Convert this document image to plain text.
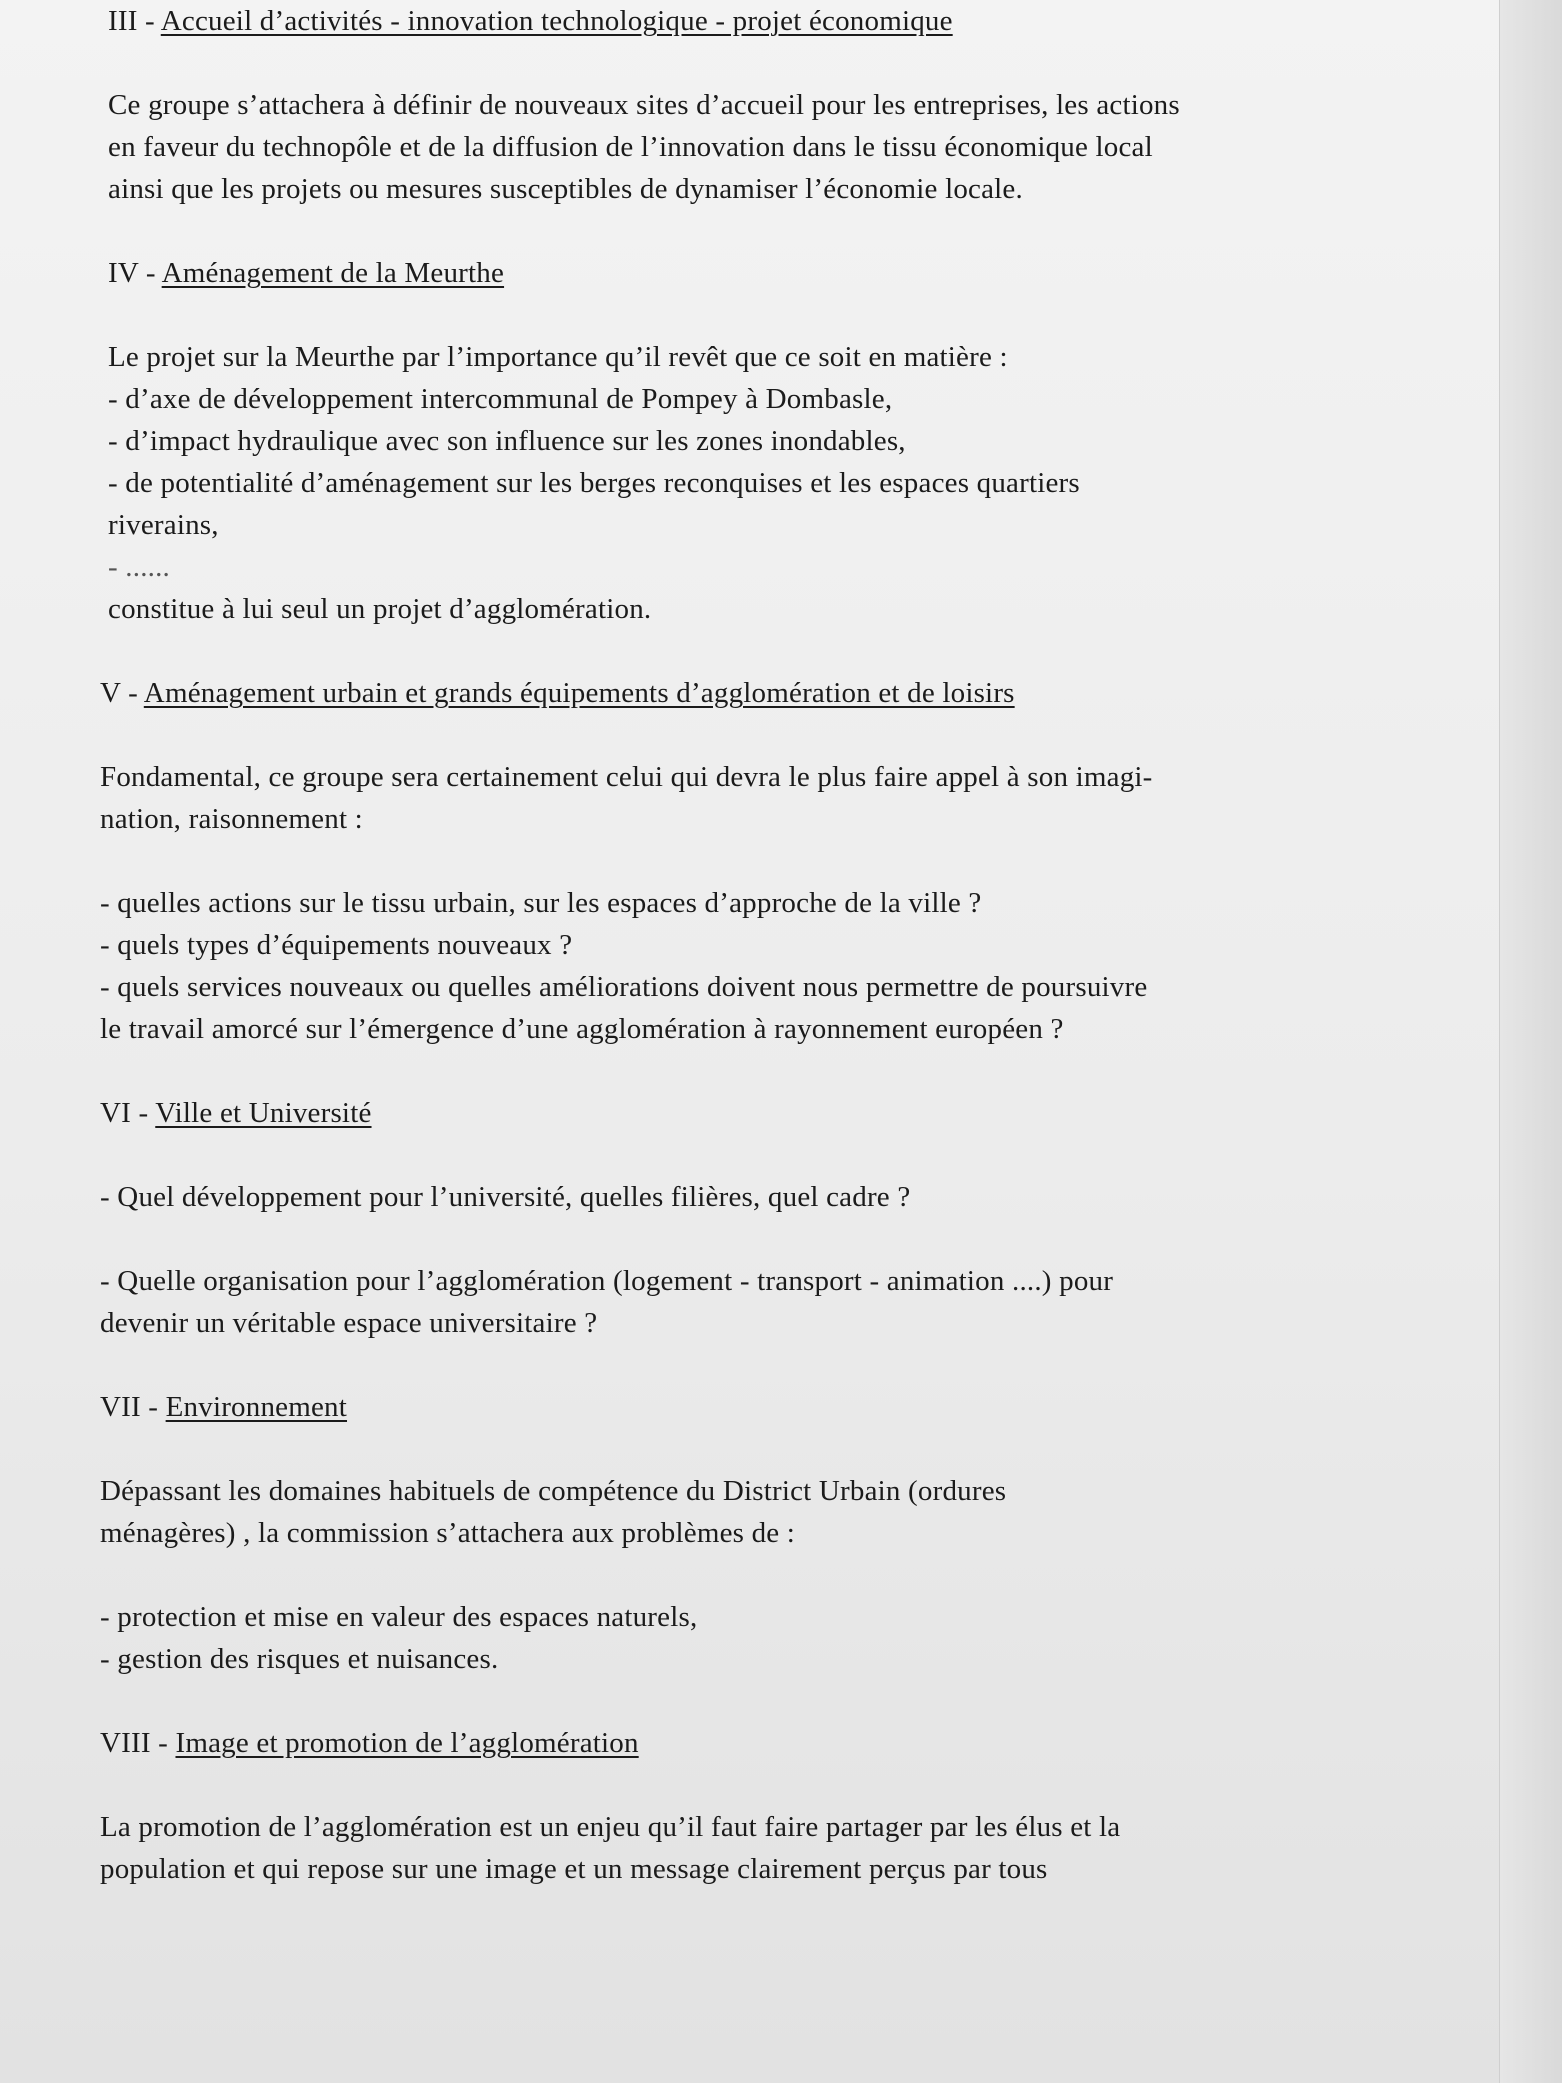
III - Accueil d’activités - innovation technologique - projet économique

Ce groupe s’attachera à définir de nouveaux sites d’accueil pour les entreprises, les actions

en faveur du technopôle et de la diffusion de l’innovation dans le tissu économique local

ainsi que les projets ou mesures susceptibles de dynamiser l’économie locale.

IV - Aménagement de la Meurthe

Le projet sur la Meurthe par l’importance qu’il revêt que ce soit en matière :

- d’axe de développement intercommunal de Pompey à Dombasle,

- d’impact hydraulique avec son influence sur les zones inondables,

- de potentialité d’aménagement sur les berges reconquises et les espaces quartiers

riverains,

- ......

constitue à lui seul un projet d’agglomération.

V - Aménagement urbain et grands équipements d’agglomération et de loisirs

Fondamental, ce groupe sera certainement celui qui devra le plus faire appel à son imagi-

nation, raisonnement :

- quelles actions sur le tissu urbain, sur les espaces d’approche de la ville ?

- quels types d’équipements nouveaux ?

- quels services nouveaux ou quelles améliorations doivent nous permettre de poursuivre

le travail amorcé sur l’émergence d’une agglomération à rayonnement européen ?

VI - Ville et Université

- Quel développement pour l’université, quelles filières, quel cadre ?

- Quelle organisation pour l’agglomération (logement - transport - animation ....) pour

devenir un véritable espace universitaire ?

VII - Environnement

Dépassant les domaines habituels de compétence du District Urbain (ordures

ménagères) , la commission s’attachera aux problèmes de :

- protection et mise en valeur des espaces naturels,

- gestion des risques et nuisances.

VIII - Image et promotion de l’agglomération

La promotion de l’agglomération est un enjeu qu’il faut faire partager par les élus et la

population et qui repose sur une image et un message clairement perçus par tous
